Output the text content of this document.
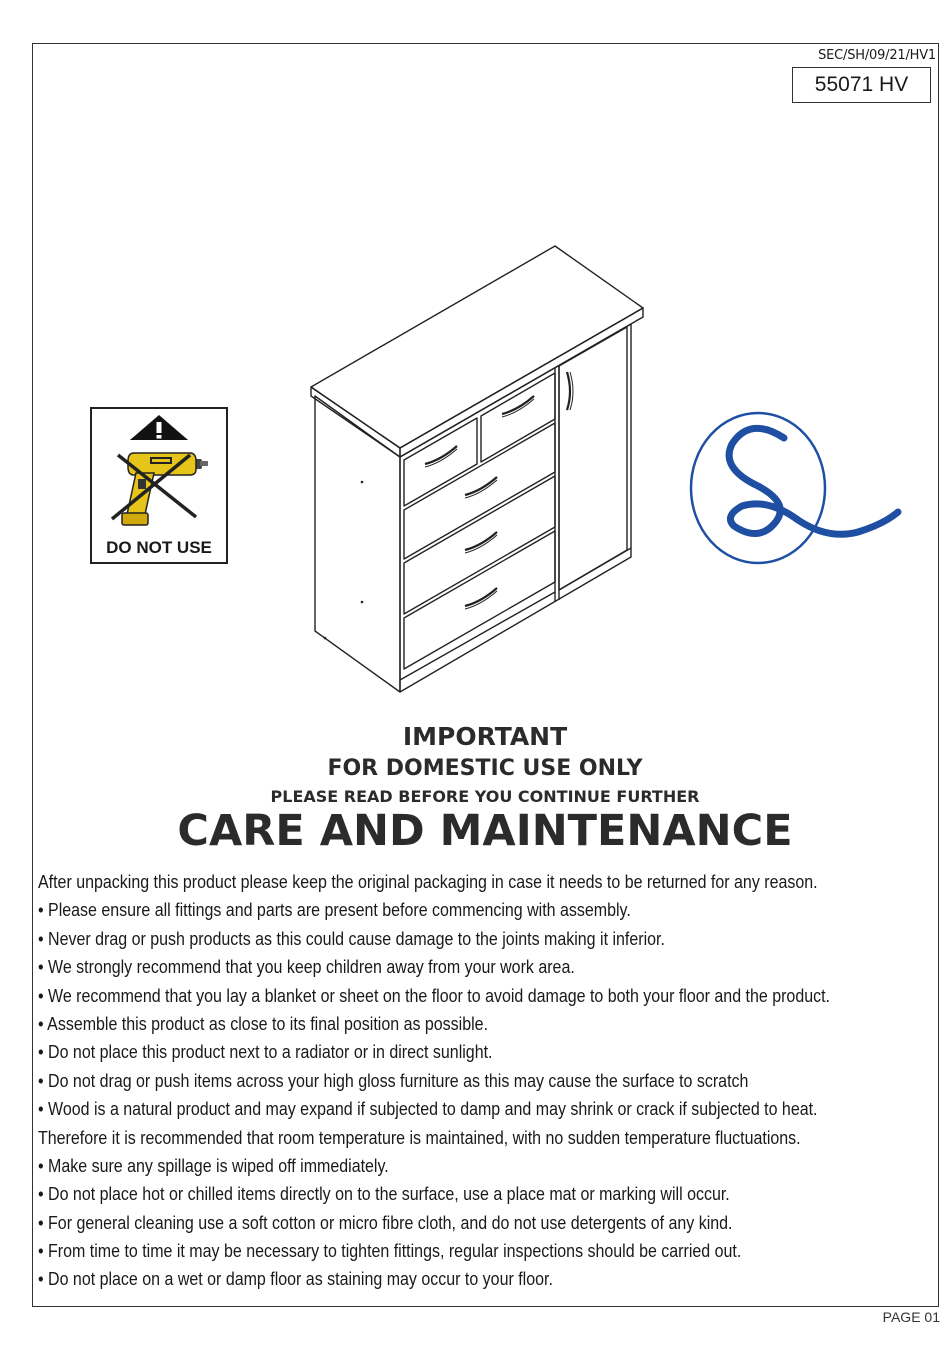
SEC/SH/09/21/HV1
55071 HV
DO NOT USE
IMPORTANT
FOR DOMESTIC USE ONLY
PLEASE READ BEFORE YOU CONTINUE FURTHER
CARE AND MAINTENANCE
After unpacking this product please keep the original packaging in case it needs to be returned for any reason.
• Please ensure all fittings and parts are present before commencing with assembly.
• Never drag or push products as this could cause damage to the joints making it inferior.
• We strongly recommend that you keep children away from your work area.
• We recommend that you lay a blanket or sheet on the floor to avoid damage to both your floor and the product.
• Assemble this product as close to its final position as possible.
• Do not place this product next to a radiator or in direct sunlight.
• Do not drag or push items across your high gloss furniture as this may cause the surface to scratch
• Wood is a natural product and may expand if subjected to damp and may shrink or crack if subjected to heat.
Therefore it is recommended that room temperature is maintained, with no sudden temperature fluctuations.
• Make sure any spillage is wiped off immediately.
• Do not place hot or chilled items directly on to the surface, use a place mat or marking will occur.
• For general cleaning use a soft cotton or micro fibre cloth, and do not use detergents of any kind.
• From time to time it may be necessary to tighten fittings, regular inspections should be carried out.
• Do not place on a wet or damp floor as staining may occur to your floor.
PAGE 01
